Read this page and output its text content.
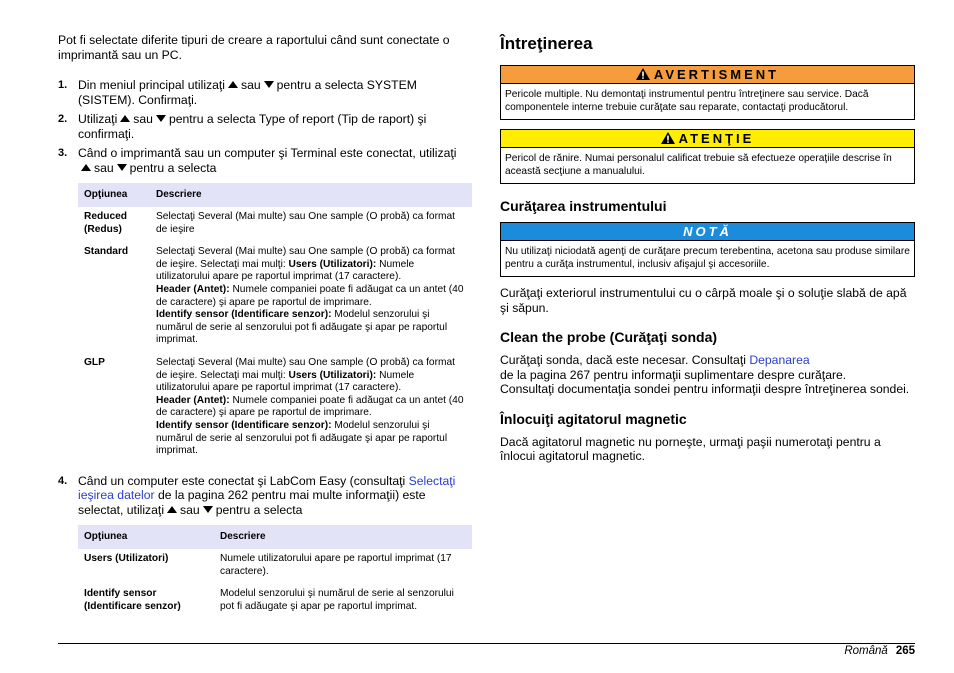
Pot fi selectate diferite tipuri de creare a raportului când sunt conectate o imprimantă sau un PC.

1. Din meniul principal utilizaţi sau pentru a selecta SYSTEM (SISTEM). Confirmaţi.
2. Utilizaţi sau pentru a selecta Type of report (Tip de raport) şi confirmaţi.
3. Când o imprimantă sau un computer şi Terminal este conectat, utilizaţisau pentru a selecta
Opţiunea	Descriere
Reduced (Redus)	Selectaţi Several (Mai multe) sau One sample (O probă) ca format de ieşire
Standard	Selectaţi Several (Mai multe) sau One sample (O probă) ca format de ieşire. Selectaţi mai mulţi: Users (Utilizatori): Numele utilizatorului apare pe raportul imprimat (17 caractere).
Header (Antet): Numele companiei poate fi adăugat ca un antet (40 de caractere) şi apare pe raportul de imprimare.
Identify sensor (Identificare senzor): Modelul senzorului şi numărul de serie al senzorului pot fi adăugate şi apar pe raportul imprimat.
GLP	Selectaţi Several (Mai multe) sau One sample (O probă) ca format de ieşire. Selectaţi mai mulţi: Users (Utilizatori): Numele utilizatorului apare pe raportul imprimat (17 caractere).
Header (Antet): Numele companiei poate fi adăugat ca un antet (40 de caractere) şi apare pe raportul de imprimare.
Identify sensor (Identificare senzor): Modelul senzorului şi numărul de serie al senzorului pot fi adăugate şi apar pe raportul imprimat.
4. Când un computer este conectat şi LabCom Easy (consultaţi Selectaţi ieşirea datelor de la pagina 262 pentru mai multe informaţii) este selectat, utilizaţi sau pentru a selecta
Opţiunea	Descriere
Users (Utilizatori)	Numele utilizatorului apare pe raportul imprimat (17 caractere).
Identify sensor (Identificare senzor)	Modelul senzorului şi numărul de serie al senzorului pot fi adăugate şi apar pe raportul imprimat.
Întreţinerea
AVERTISMENT
Pericole multiple. Nu demontaţi instrumentul pentru întreţinere sau service. Dacă componentele interne trebuie curăţate sau reparate, contactaţi producătorul.
ATENŢIE
Pericol de rănire. Numai personalul calificat trebuie să efectueze operaţiile descrise în această secţiune a manualului.
Curăţarea instrumentului
NOTĂ
Nu utilizaţi niciodată agenţi de curăţare precum terebentina, acetona sau produse similare pentru a curăţa instrumentul, inclusiv afişajul şi accesoriile.

Curăţaţi exteriorul instrumentului cu o cârpă moale şi o soluţie slabă de apă şi săpun.

Clean the probe (Curăţaţi sonda)

Curăţaţi sonda, dacă este necesar. Consultaţi Depanarea
de la pagina 267 pentru informaţii suplimentare despre curăţare.
Consultaţi documentaţia sondei pentru informaţii despre întreţinerea sondei.

Înlocuiţi agitatorul magnetic

Dacă agitatorul magnetic nu porneşte, urmaţi paşii numerotaţi pentru a înlocui agitatorul magnetic.

Română 265
